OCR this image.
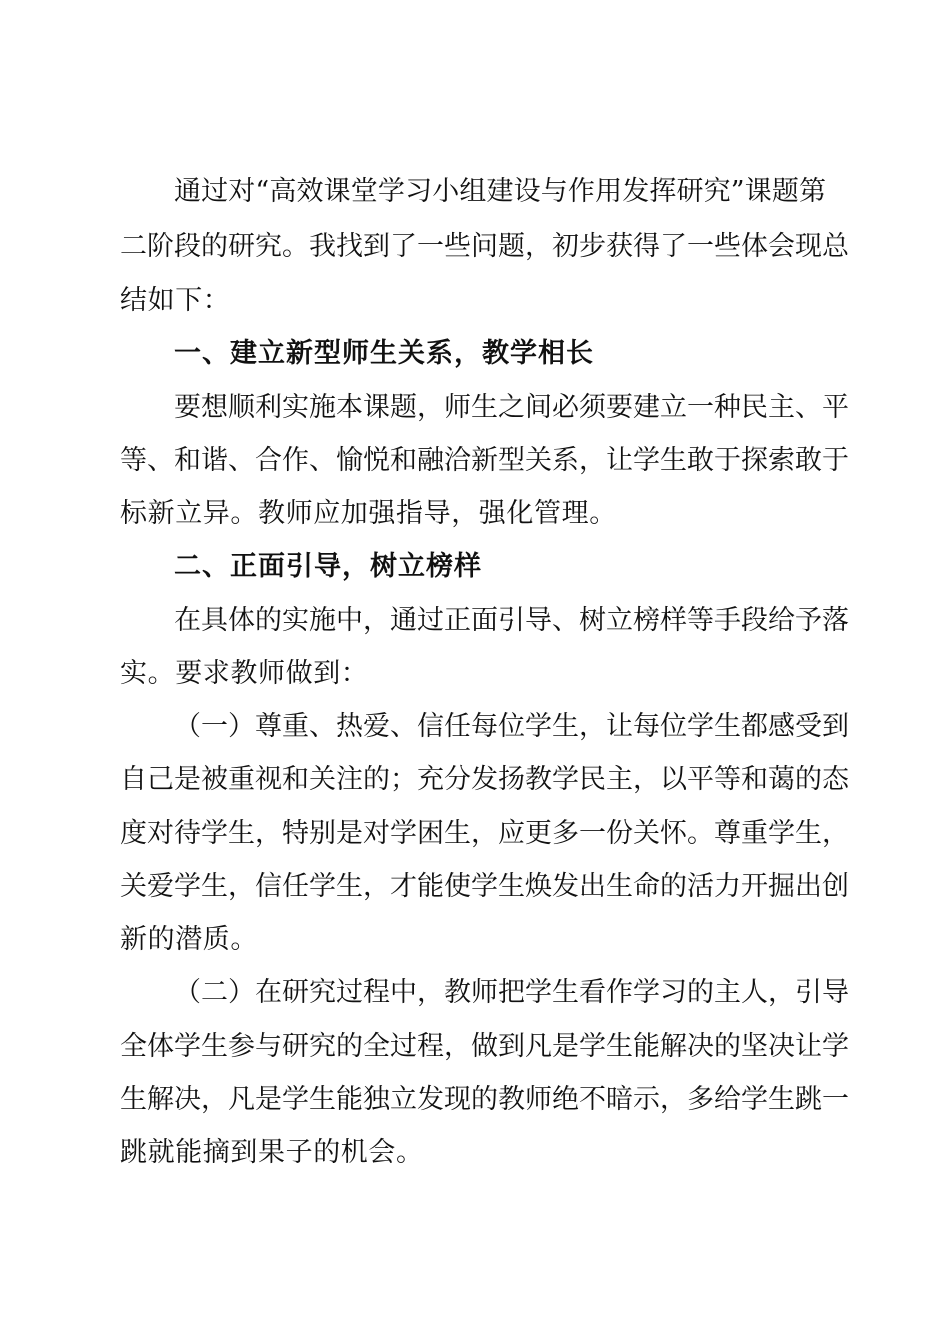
通过对“高效课堂学习小组建设与作用发挥研究”课题第
二阶段的研究。我找到了一些问题，初步获得了一些体会现总
结如下：
一、建立新型师生关系，教学相长
要想顺利实施本课题，师生之间必须要建立一种民主、平
等、和谐、合作、愉悦和融洽新型关系，让学生敢于探索敢于
标新立异。教师应加强指导，强化管理。
二、正面引导，树立榜样
在具体的实施中，通过正面引导、树立榜样等手段给予落
实。要求教师做到：
（一）尊重、热爱、信任每位学生，让每位学生都感受到
自己是被重视和关注的；充分发扬教学民主，以平等和蔼的态
度对待学生，特别是对学困生，应更多一份关怀。尊重学生，
关爱学生，信任学生，才能使学生焕发出生命的活力开掘出创
新的潜质。
（二）在研究过程中，教师把学生看作学习的主人，引导
全体学生参与研究的全过程，做到凡是学生能解决的坚决让学
生解决，凡是学生能独立发现的教师绝不暗示，多给学生跳一
跳就能摘到果子的机会。
